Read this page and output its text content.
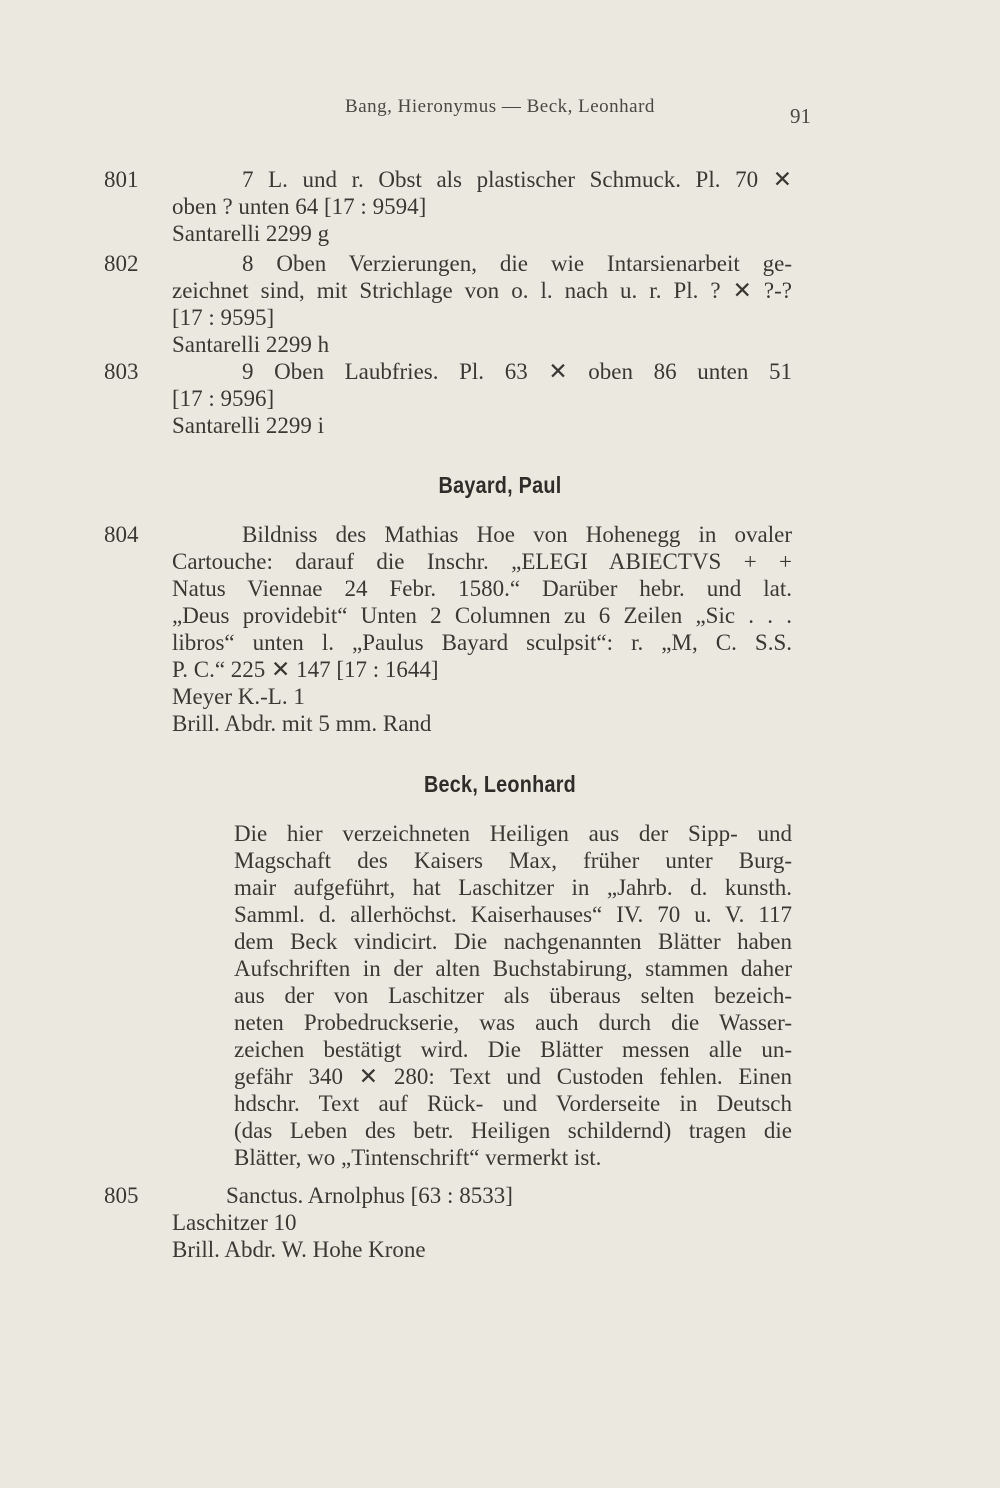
Bang, Hieronymus — Beck, Leonhard	91
801	7 L. und r. Obst als plastischer Schmuck. Pl. 70 ✕
oben ? unten 64 [17 : 9594]
Santarelli 2299 g
802	8 Oben Verzierungen, die wie Intarsienarbeit ge-
zeichnet sind, mit Strichlage von o. l. nach u. r. Pl. ? ✕ ?-?
[17 : 9595]
Santarelli 2299 h
803	9 Oben Laubfries. Pl. 63 ✕ oben 86 unten 51
[17 : 9596]
Santarelli 2299 i
Bayard, Paul
804	Bildniss des Mathias Hoe von Hohenegg in ovaler
Cartouche: darauf die Inschr. „ELEGI ABIECTVS + +
Natus Viennae 24 Febr. 1580.“ Darüber hebr. und lat.
„Deus providebit“ Unten 2 Columnen zu 6 Zeilen „Sic . . .
libros“ unten l. „Paulus Bayard sculpsit“: r. „M, C. S.S.
P. C.“ 225 ✕ 147 [17 : 1644]
Meyer K.-L. 1
Brill. Abdr. mit 5 mm. Rand
Beck, Leonhard
Die hier verzeichneten Heiligen aus der Sipp- und
Magschaft des Kaisers Max, früher unter Burg-
mair aufgeführt, hat Laschitzer in „Jahrb. d. kunsth.
Samml. d. allerhöchst. Kaiserhauses“ IV. 70 u. V. 117
dem Beck vindicirt. Die nachgenannten Blätter haben
Aufschriften in der alten Buchstabirung, stammen daher
aus der von Laschitzer als überaus selten bezeich-
neten Probedruckserie, was auch durch die Wasser-
zeichen bestätigt wird. Die Blätter messen alle un-
gefähr 340 ✕ 280: Text und Custoden fehlen. Einen
hdschr. Text auf Rück- und Vorderseite in Deutsch
(das Leben des betr. Heiligen schildernd) tragen die
Blätter, wo „Tintenschrift“ vermerkt ist.
805	Sanctus. Arnolphus [63 : 8533]
Laschitzer 10
Brill. Abdr. W. Hohe Krone
